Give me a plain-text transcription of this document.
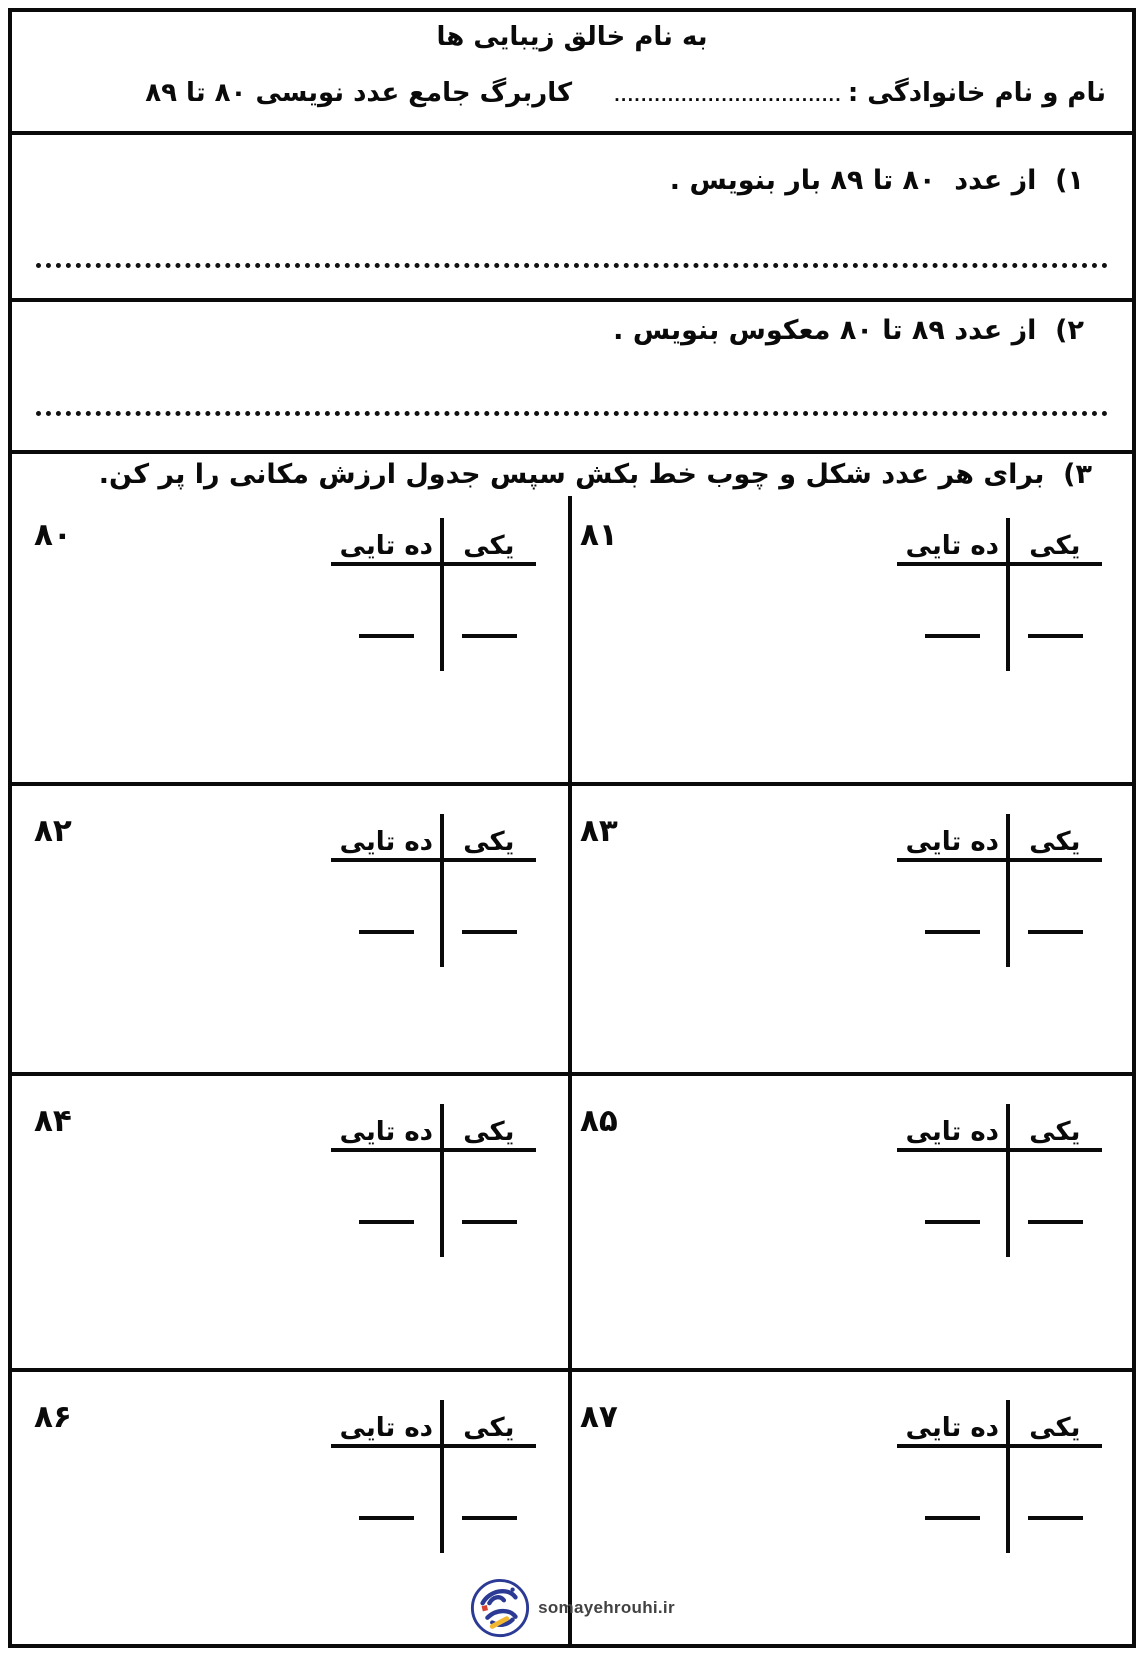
به نام خالق زیبایی ها
نام و نام خانوادگی :
..................................
کاربرگ جامع عدد نویسی ۸۰ تا ۸۹
۱)  از عدد  ۸۰ تا ۸۹ بار بنویس .
۲)  از عدد ۸۹ تا ۸۰ معکوس بنویس .
۳)  برای هر عدد شکل و چوب خط بکش سپس جدول ارزش مکانی را پر کن.
۸۰	ده تایی	یکی	۸۱	ده تایی	یکی
۸۲	ده تایی	یکی	۸۳	ده تایی	یکی
۸۴	ده تایی	یکی	۸۵	ده تایی	یکی
۸۶	ده تایی	یکی	۸۷	ده تایی	یکی
somayehrouhi.ir
